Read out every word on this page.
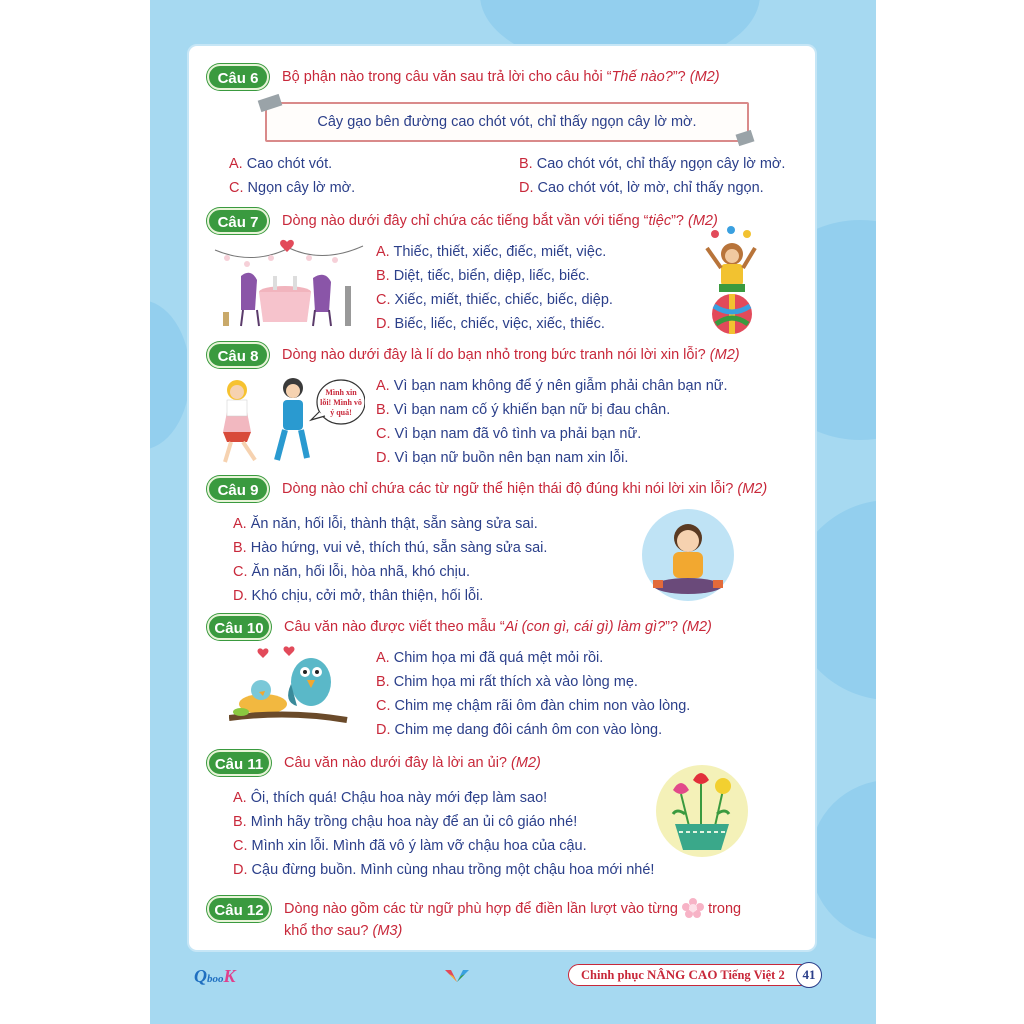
Câu 6	Bộ phận nào trong câu văn sau trả lời cho câu hỏi “Thế nào?”? (M2)
Cây gạo bên đường cao chót vót, chỉ thấy ngọn cây lờ mờ.
A. Cao chót vót.	B. Cao chót vót, chỉ thấy ngọn cây lờ mờ.
C. Ngọn cây lờ mờ.	D. Cao chót vót, lờ mờ, chỉ thấy ngọn.
Câu 7	Dòng nào dưới đây chỉ chứa các tiếng bắt vần với tiếng “tiệc”? (M2)
A. Thiếc, thiết, xiếc, điếc, miết, việc.
B. Diệt, tiếc, biển, diệp, liếc, biếc.
C. Xiếc, miết, thiếc, chiếc, biếc, diệp.
D. Biếc, liếc, chiếc, việc, xiếc, thiếc.
Câu 8	Dòng nào dưới đây là lí do bạn nhỏ trong bức tranh nói lời xin lỗi? (M2)
Mình xin
lỗi! Mình vô
ý quá!
A. Vì bạn nam không để ý nên giẫm phải chân bạn nữ.
B. Vì bạn nam cố ý khiến bạn nữ bị đau chân.
C. Vì bạn nam đã vô tình va phải bạn nữ.
D. Vì bạn nữ buồn nên bạn nam xin lỗi.
Câu 9	Dòng nào chỉ chứa các từ ngữ thể hiện thái độ đúng khi nói lời xin lỗi? (M2)
A. Ăn năn, hối lỗi, thành thật, sẵn sàng sửa sai.
B. Hào hứng, vui vẻ, thích thú, sẵn sàng sửa sai.
C. Ăn năn, hối lỗi, hòa nhã, khó chịu.
D. Khó chịu, cởi mở, thân thiện, hối lỗi.
Câu 10	Câu văn nào được viết theo mẫu “Ai (con gì, cái gì) làm gì?”? (M2)
A. Chim họa mi đã quá mệt mỏi rồi.
B. Chim họa mi rất thích xà vào lòng mẹ.
C. Chim mẹ chậm rãi ôm đàn chim non vào lòng.
D. Chim mẹ dang đôi cánh ôm con vào lòng.
Câu 11	Câu văn nào dưới đây là lời an ủi? (M2)
A. Ôi, thích quá! Chậu hoa này mới đẹp làm sao!
B. Mình hãy trồng chậu hoa này để an ủi cô giáo nhé!
C. Mình xin lỗi. Mình đã vô ý làm vỡ chậu hoa của cậu.
D. Cậu đừng buồn. Mình cùng nhau trồng một chậu hoa mới nhé!
Câu 12	Dòng nào gồm các từ ngữ phù hợp để điền lần lượt vào từng trong
khổ thơ sau? (M3)
QbooK	Chinh phục NÂNG CAO Tiếng Việt 2	41
